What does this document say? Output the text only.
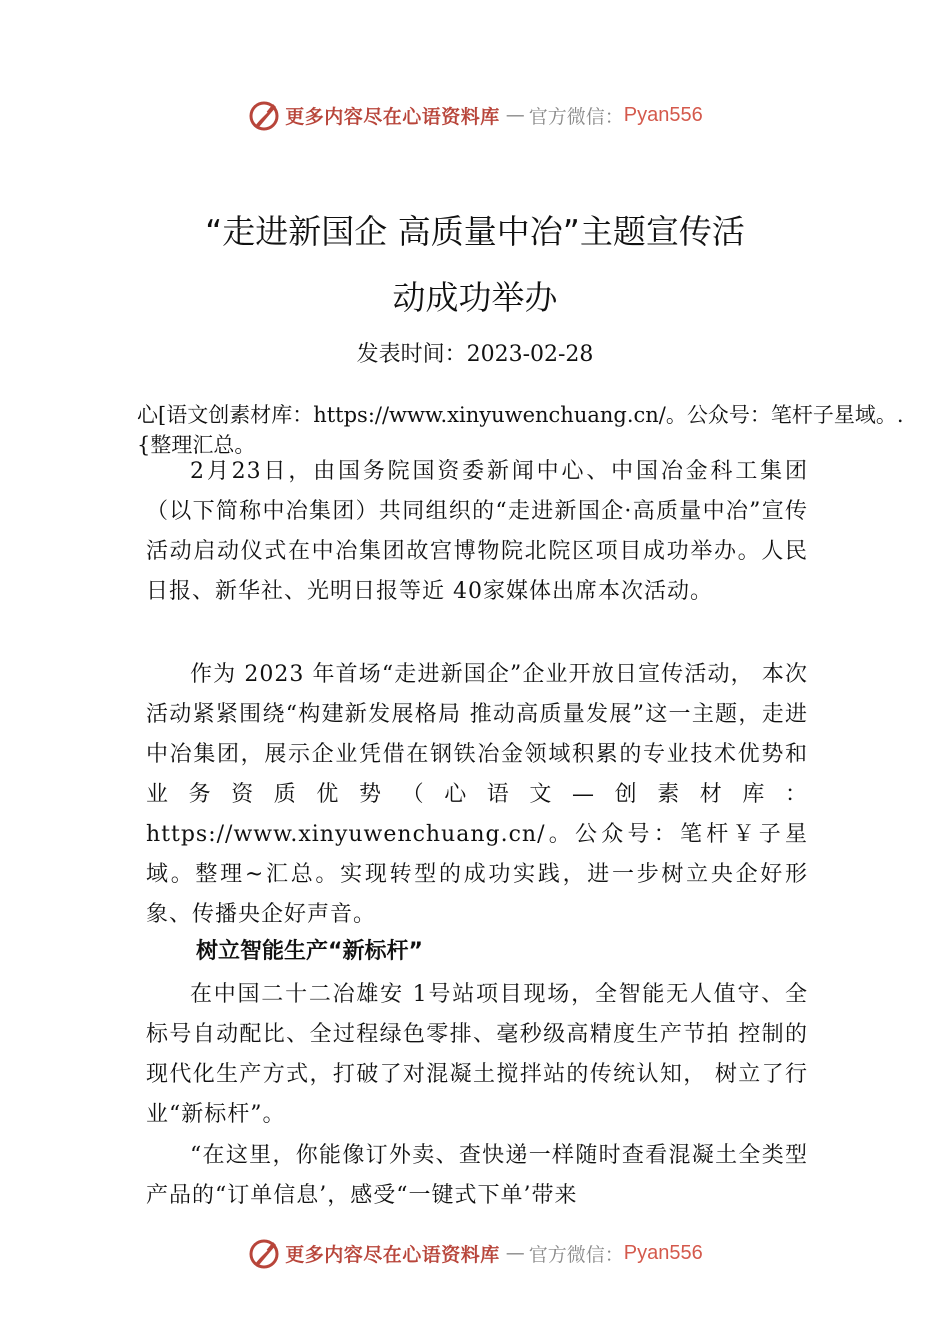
更多内容尽在心语资料库 — 官方微信： Pyan556
“走进新国企 高质量中冶”主题宣传活
动成功举办
发表时间：2023-02-28

心[语文创素材库：https://www.xinyuwenchuang.cn/。公众号：笔杆子星域。.{整理汇总。

2月23日，由国务院国资委新闻中心、中国冶金科工集团（以下简称中冶集团）共同组织的“走进新国企·高质量中冶”宣传活动启动仪式在中冶集团故宫博物院北院区项目成功举办。人民日报、新华社、光明日报等近 40家媒体出席本次活动。

作为 2023 年首场“走进新国企”企业开放日宣传活动， 本次活动紧紧围绕“构建新发展格局 推动高质量发展”这一主题，走进中冶集团，展示企业凭借在钢铁冶金领域积累的专业技术优势和业务资质优势（心语文—创素材库：https://www.xinyuwenchuang.cn/。公众号：笔杆￥子星域。整理~汇总。实现转型的成功实践，进一步树立央企好形象、传播央企好声音。

树立智能生产“新标杆”

在中国二十二冶雄安 1号站项目现场，全智能无人值守、全标号自动配比、全过程绿色零排、毫秒级高精度生产节拍 控制的现代化生产方式，打破了对混凝土搅拌站的传统认知， 树立了行业“新标杆”。

“在这里，你能像订外卖、查快递一样随时查看混凝土全类型产品的“订单信息’，感受“一键式下单’带来

更多内容尽在心语资料库 — 官方微信： Pyan556
